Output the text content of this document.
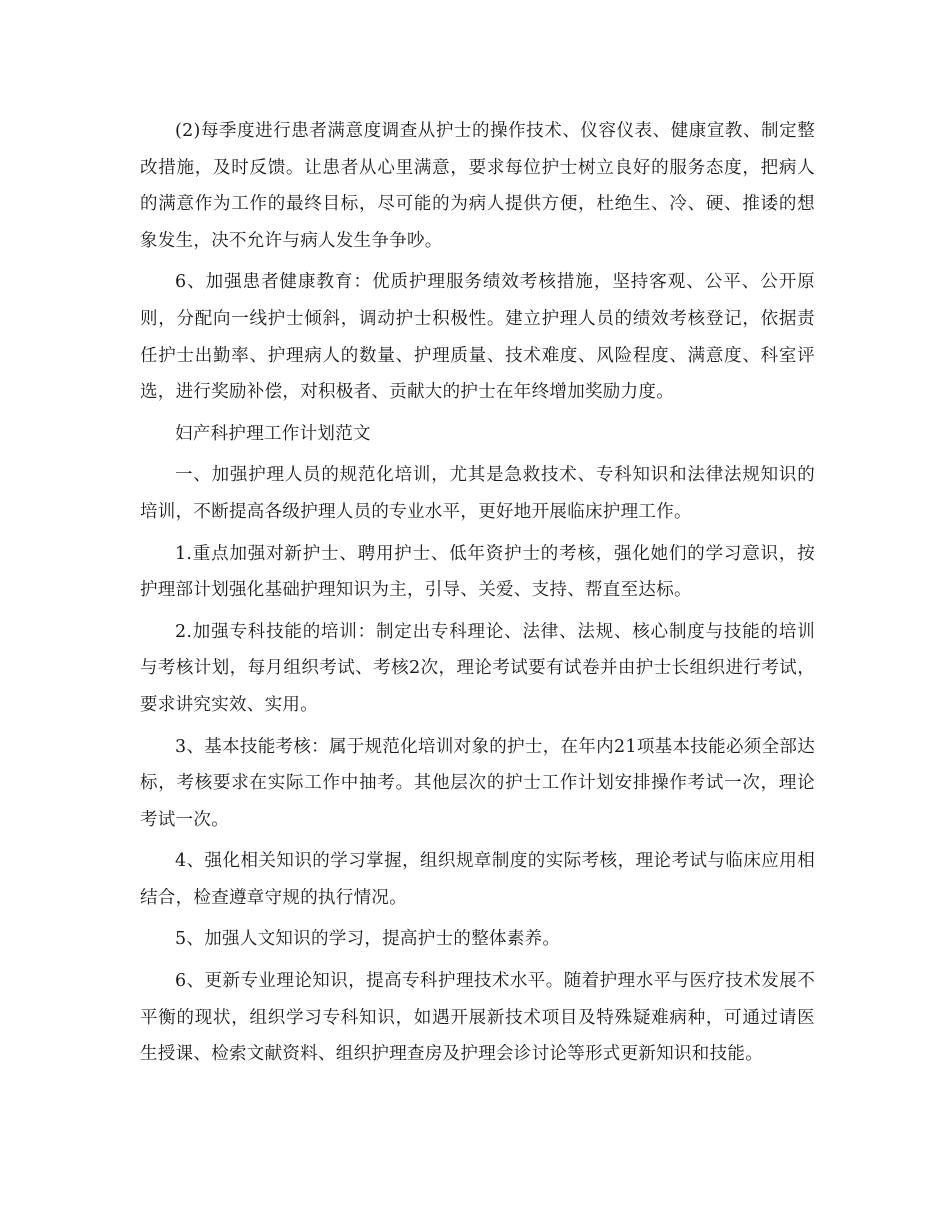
(2)每季度进行患者满意度调查从护士的操作技术、仪容仪表、健康宣教、制定整改措施，及时反馈。让患者从心里满意，要求每位护士树立良好的服务态度，把病人的满意作为工作的最终目标，尽可能的为病人提供方便，杜绝生、冷、硬、推诿的想象发生，决不允许与病人发生争争吵。

6、加强患者健康教育：优质护理服务绩效考核措施，坚持客观、公平、公开原则，分配向一线护士倾斜，调动护士积极性。建立护理人员的绩效考核登记，依据责任护士出勤率、护理病人的数量、护理质量、技术难度、风险程度、满意度、科室评选，进行奖励补偿，对积极者、贡献大的护士在年终增加奖励力度。

妇产科护理工作计划范文

一、加强护理人员的规范化培训，尤其是急救技术、专科知识和法律法规知识的培训，不断提高各级护理人员的专业水平，更好地开展临床护理工作。

1.重点加强对新护士、聘用护士、低年资护士的考核，强化她们的学习意识，按护理部计划强化基础护理知识为主，引导、关爱、支持、帮直至达标。

2.加强专科技能的培训：制定出专科理论、法律、法规、核心制度与技能的培训与考核计划，每月组织考试、考核2次，理论考试要有试卷并由护士长组织进行考试，要求讲究实效、实用。

3、基本技能考核：属于规范化培训对象的护士，在年内21项基本技能必须全部达标，考核要求在实际工作中抽考。其他层次的护士工作计划安排操作考试一次，理论考试一次。

4、强化相关知识的学习掌握，组织规章制度的实际考核，理论考试与临床应用相结合，检查遵章守规的执行情况。

5、加强人文知识的学习，提高护士的整体素养。

6、更新专业理论知识，提高专科护理技术水平。随着护理水平与医疗技术发展不平衡的现状，组织学习专科知识，如遇开展新技术项目及特殊疑难病种，可通过请医生授课、检索文献资料、组织护理查房及护理会诊讨论等形式更新知识和技能。
